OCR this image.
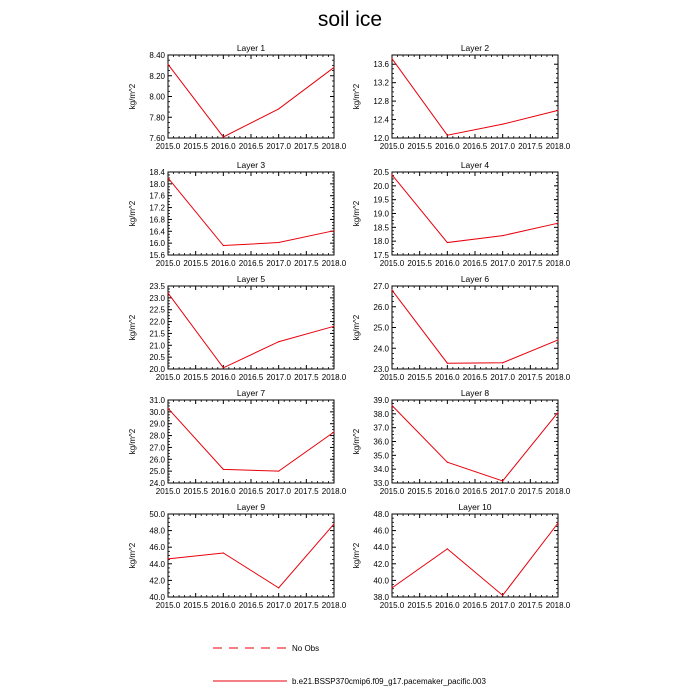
soil ice
Layer 1
kg/m^2
2015.0 2015.5 2016.0 2016.5 2017.0 2017.5 2018.0
7.60
7.80
8.00
8.20
8.40
Layer 2
kg/m^2
2015.0 2015.5 2016.0 2016.5 2017.0 2017.5 2018.0
12.0
12.4
12.8
13.2
13.6
Layer 3
kg/m^2
2015.0 2015.5 2016.0 2016.5 2017.0 2017.5 2018.0
15.6
16.0
16.4
16.8
17.2
17.6
18.0
18.4
Layer 4
kg/m^2
2015.0 2015.5 2016.0 2016.5 2017.0 2017.5 2018.0
17.5
18.0
18.5
19.0
19.5
20.0
20.5
Layer 5
kg/m^2
2015.0 2015.5 2016.0 2016.5 2017.0 2017.5 2018.0
20.0
20.5
21.0
21.5
22.0
22.5
23.0
23.5
Layer 6
kg/m^2
2015.0 2015.5 2016.0 2016.5 2017.0 2017.5 2018.0
23.0
24.0
25.0
26.0
27.0
Layer 7
kg/m^2
2015.0 2015.5 2016.0 2016.5 2017.0 2017.5 2018.0
24.0
25.0
26.0
27.0
28.0
29.0
30.0
31.0
Layer 8
kg/m^2
2015.0 2015.5 2016.0 2016.5 2017.0 2017.5 2018.0
33.0
34.0
35.0
36.0
37.0
38.0
39.0
Layer 9
kg/m^2
2015.0 2015.5 2016.0 2016.5 2017.0 2017.5 2018.0
40.0
42.0
44.0
46.0
48.0
50.0
Layer 10
kg/m^2
2015.0 2015.5 2016.0 2016.5 2017.0 2017.5 2018.0
38.0
40.0
42.0
44.0
46.0
48.0
No Obs
b.e21.BSSP370cmip6.f09_g17.pacemaker_pacific.003
